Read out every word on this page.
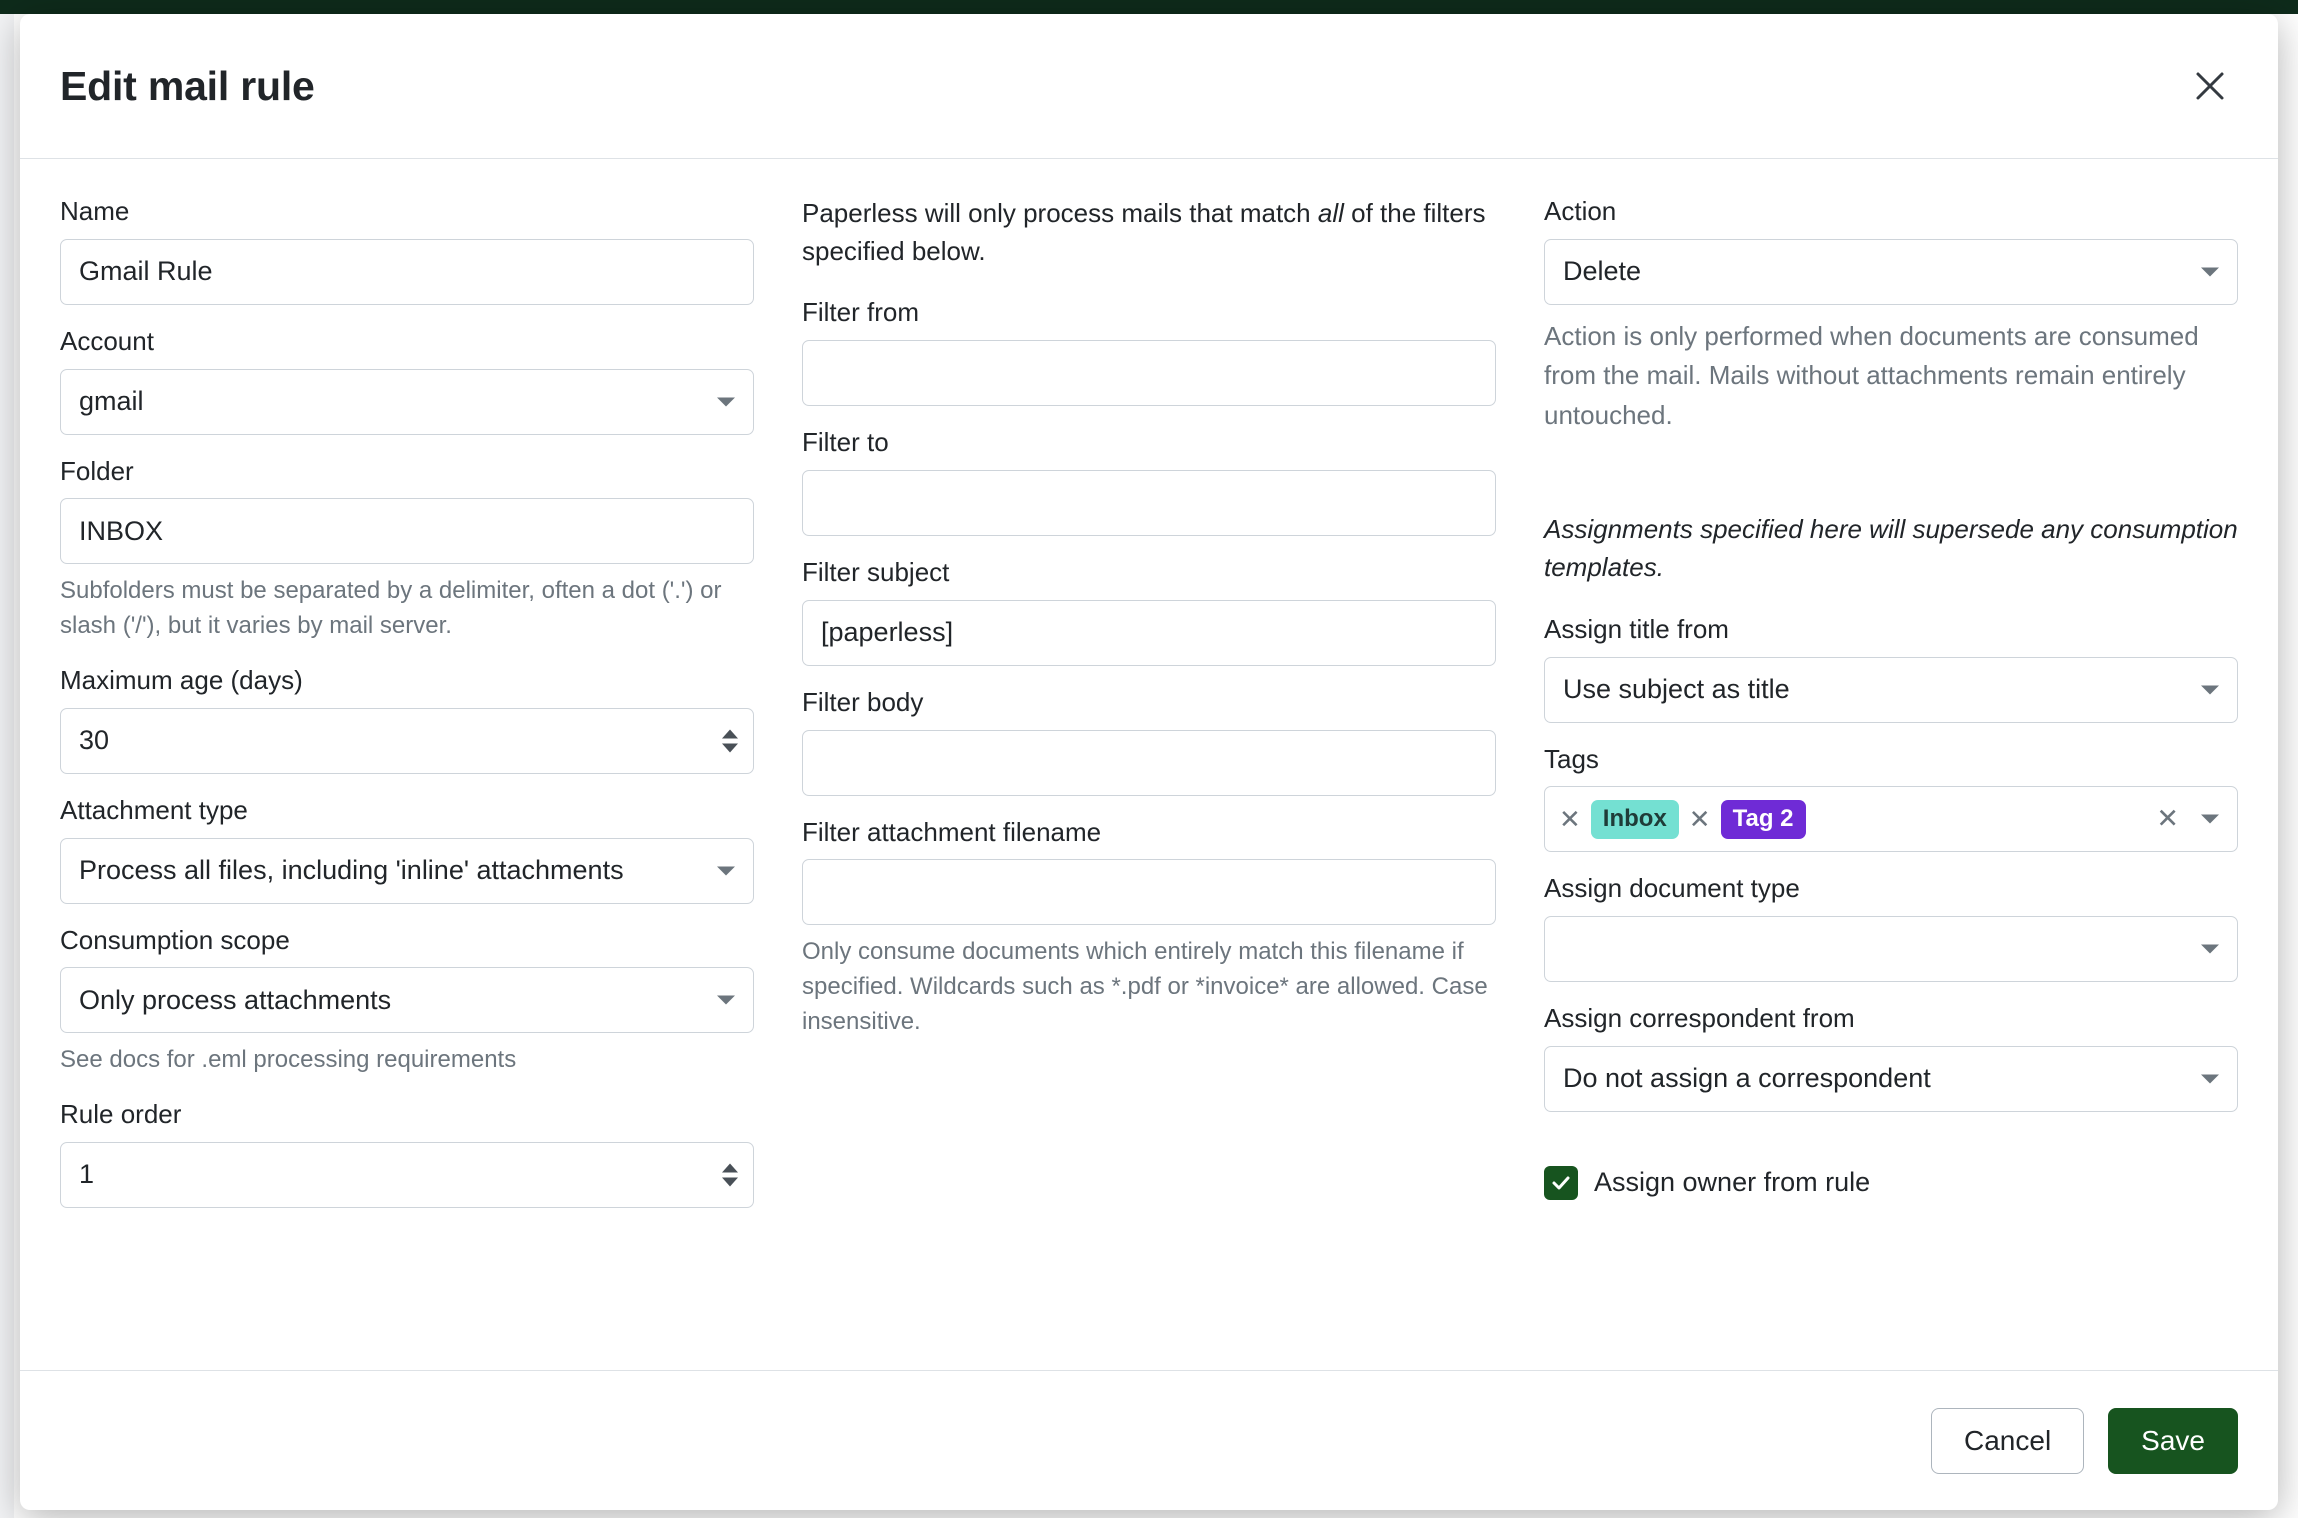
Edit mail rule
Name
Gmail Rule
Account
gmail
Folder
INBOX
Subfolders must be separated by a delimiter, often a dot ('.') or slash ('/'), but it varies by mail server.
Maximum age (days)
30
Attachment type
Process all files, including 'inline' attachments
Consumption scope
Only process attachments
See docs for .eml processing requirements
Rule order
1
Paperless will only process mails that match all of the filters specified below.
Filter from
Filter to
Filter subject
[paperless]
Filter body
Filter attachment filename
Only consume documents which entirely match this filename if specified. Wildcards such as *.pdf or *invoice* are allowed. Case insensitive.
Action
Delete
Action is only performed when documents are consumed from the mail. Mails without attachments remain entirely untouched.
Assignments specified here will supersede any consumption templates.
Assign title from
Use subject as title
Tags
✕ Inbox ✕ Tag 2	✕
Assign document type
Assign correspondent from
Do not assign a correspondent
Assign owner from rule
Cancel	Save
